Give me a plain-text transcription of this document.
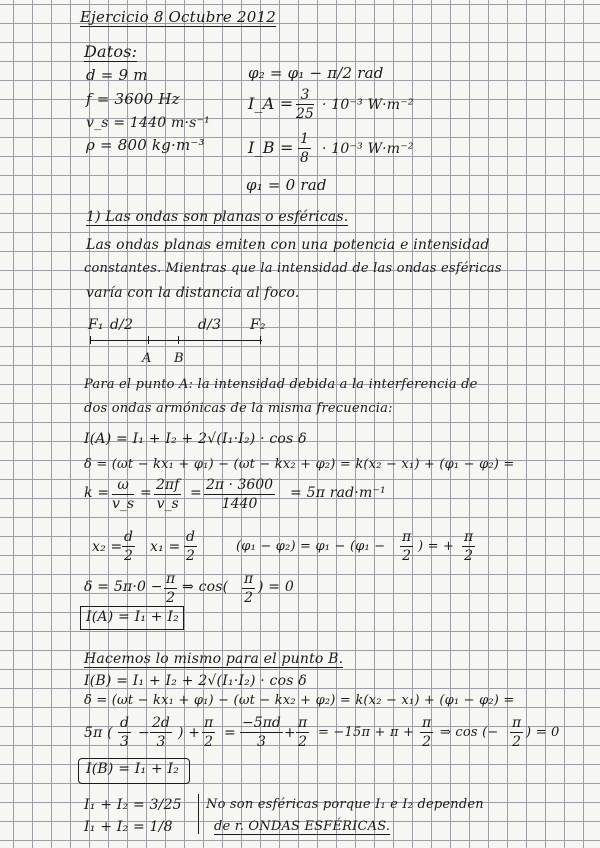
Ejercicio 8 Octubre 2012
Datos:
d = 9 m
f = 3600 Hz
v_s = 1440 m·s⁻¹
ρ = 800 kg·m⁻³
φ₂ = φ₁ − π/2 rad
I_A = $\frac{3}{25} \cdot 10^{-3}$ W·m⁻²
I_B = $\frac{1}{8} \cdot 10^{-3}$ W·m⁻²
φ₁ = 0 rad
1) Las ondas son planas o esféricas.
Las ondas planas emiten con una potencia e intensidad
constantes. Mientras que la intensidad de las ondas esféricas
varía con la distancia al foco.
F₁ d/2	d/3 F₂
A B
Para el punto A: la intensidad debida a la interferencia de
dos ondas armónicas de la misma frecuencia:
I(A) = I₁ + I₂ + 2√(I₁·I₂) · cos δ
δ = (ωt − kx₁ + φ₁) − (ωt − kx₂ + φ₂) = k(x₂ − x₁) + (φ₁ − φ₂) =
$k = \frac{\omega}{v\_s} = \frac{2\pi f}{v\_s} = \frac{2\pi \cdot 3600}{1440} = 5\pi$ rad·m⁻¹
$x_2 = \frac{d}{2} x_1 = \frac{d}{2}$	$(\varphi_1 - \varphi_2) = \varphi_1 - (\varphi_1 - \frac{\pi}{2}$ ) = + $\frac{\pi}{2}$
$\delta = 5\pi\cdot 0 - \frac{\pi}{2}$ ⇒ $\cos( \frac{\pi}{2}$ ) = 0
I(A) = I₁ + I₂
Hacemos lo mismo para el punto B.
I(B) = I₁ + I₂ + 2√(I₁·I₂) · cos δ
δ = (ωt − kx₁ + φ₁) − (ωt − kx₂ + φ₂) = k(x₂ − x₁) + (φ₁ − φ₂) =
5π ( $\frac{d}{3} - \frac{2d}{3}$ ) + $\frac{\pi}{2} = \frac{-5\pi d}{3} + \frac{\pi}{2} = -15\pi + \pi + \frac{\pi}{2}$ ⇒ cos (− $\frac{\pi}{2}$ ) = 0
I(B) = I₁ + I₂
I₁ + I₂ = 3/25 No son esféricas porque I₁ e I₂ dependen
I₁ + I₂ = 1/8	de r. ONDAS ESFÉRICAS.
